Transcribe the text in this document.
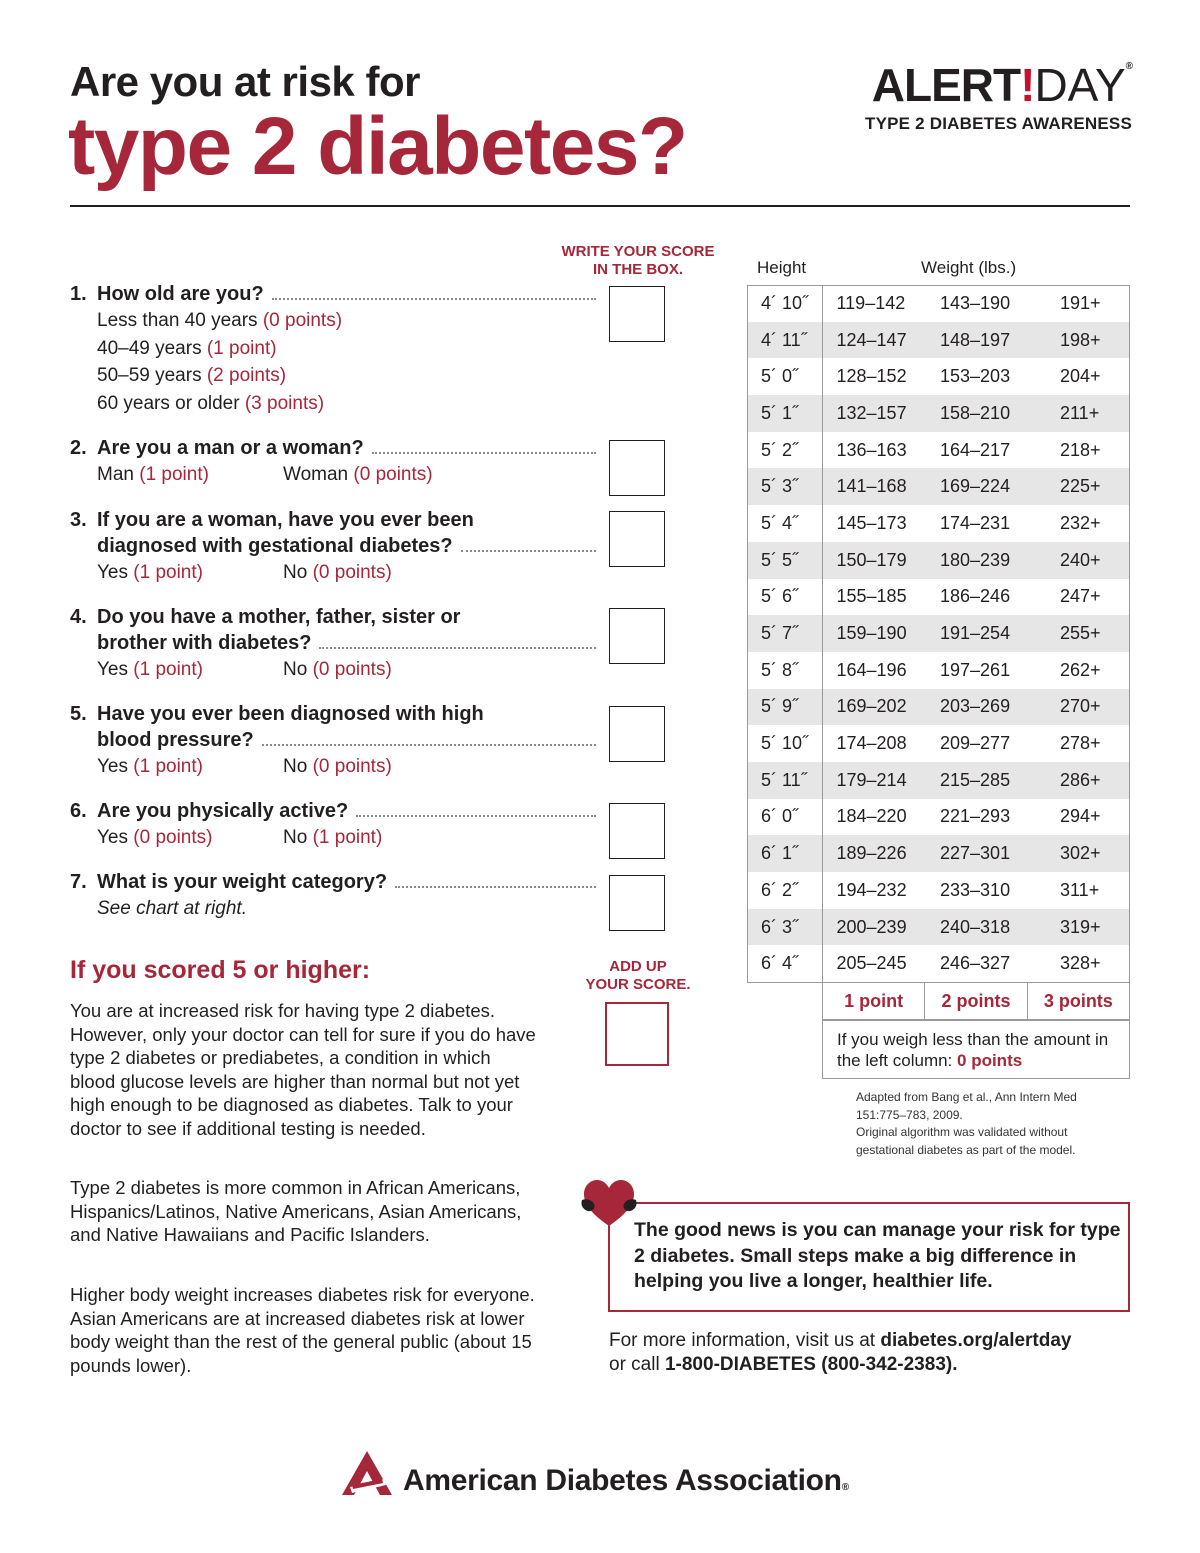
Are you at risk for
type 2 diabetes?
ALERT!DAY®
TYPE 2 DIABETES AWARENESS
WRITE YOUR SCORE
IN THE BOX.
1. How old are you?
Less than 40 years (0 points)
40–49 years (1 point)
50–59 years (2 points)
60 years or older (3 points)
2. Are you a man or a woman?
Man (1 point)	Woman (0 points)
3. If you are a woman, have you ever been
diagnosed with gestational diabetes?
Yes (1 point)	No (0 points)
4. Do you have a mother, father, sister or
brother with diabetes?
Yes (1 point)	No (0 points)
5. Have you ever been diagnosed with high
blood pressure?
Yes (1 point)	No (0 points)
6. Are you physically active?
Yes (0 points)	No (1 point)
7. What is your weight category?
See chart at right.
ADD UP
YOUR SCORE.
If you scored 5 or higher:
You are at increased risk for having type 2 diabetes. However, only your doctor can tell for sure if you do have type 2 diabetes or prediabetes, a condition in which blood glucose levels are higher than normal but not yet high enough to be diagnosed as diabetes. Talk to your doctor to see if additional testing is needed.
Type 2 diabetes is more common in African Americans, Hispanics/Latinos, Native Americans, Asian Americans, and Native Hawaiians and Pacific Islanders.
Higher body weight increases diabetes risk for everyone. Asian Americans are at increased diabetes risk at lower body weight than the rest of the general public (about 15 pounds lower).
Height	Weight (lbs.)
4´ 10˝	119–142	143–190	191+
4´ 11˝	124–147	148–197	198+
5´ 0˝	128–152	153–203	204+
5´ 1˝	132–157	158–210	211+
5´ 2˝	136–163	164–217	218+
5´ 3˝	141–168	169–224	225+
5´ 4˝	145–173	174–231	232+
5´ 5˝	150–179	180–239	240+
5´ 6˝	155–185	186–246	247+
5´ 7˝	159–190	191–254	255+
5´ 8˝	164–196	197–261	262+
5´ 9˝	169–202	203–269	270+
5´ 10˝	174–208	209–277	278+
5´ 11˝	179–214	215–285	286+
6´ 0˝	184–220	221–293	294+
6´ 1˝	189–226	227–301	302+
6´ 2˝	194–232	233–310	311+
6´ 3˝	200–239	240–318	319+
6´ 4˝	205–245	246–327	328+
1 point	2 points	3 points
If you weigh less than the amount in the left column: 0 points
Adapted from Bang et al., Ann Intern Med
151:775–783, 2009.
Original algorithm was validated without
gestational diabetes as part of the model.
The good news is you can manage your risk for type 2 diabetes. Small steps make a big difference in helping you live a longer, healthier life.
For more information, visit us at diabetes.org/alertday
or call 1-800-DIABETES (800-342-2383).
American Diabetes Association®
